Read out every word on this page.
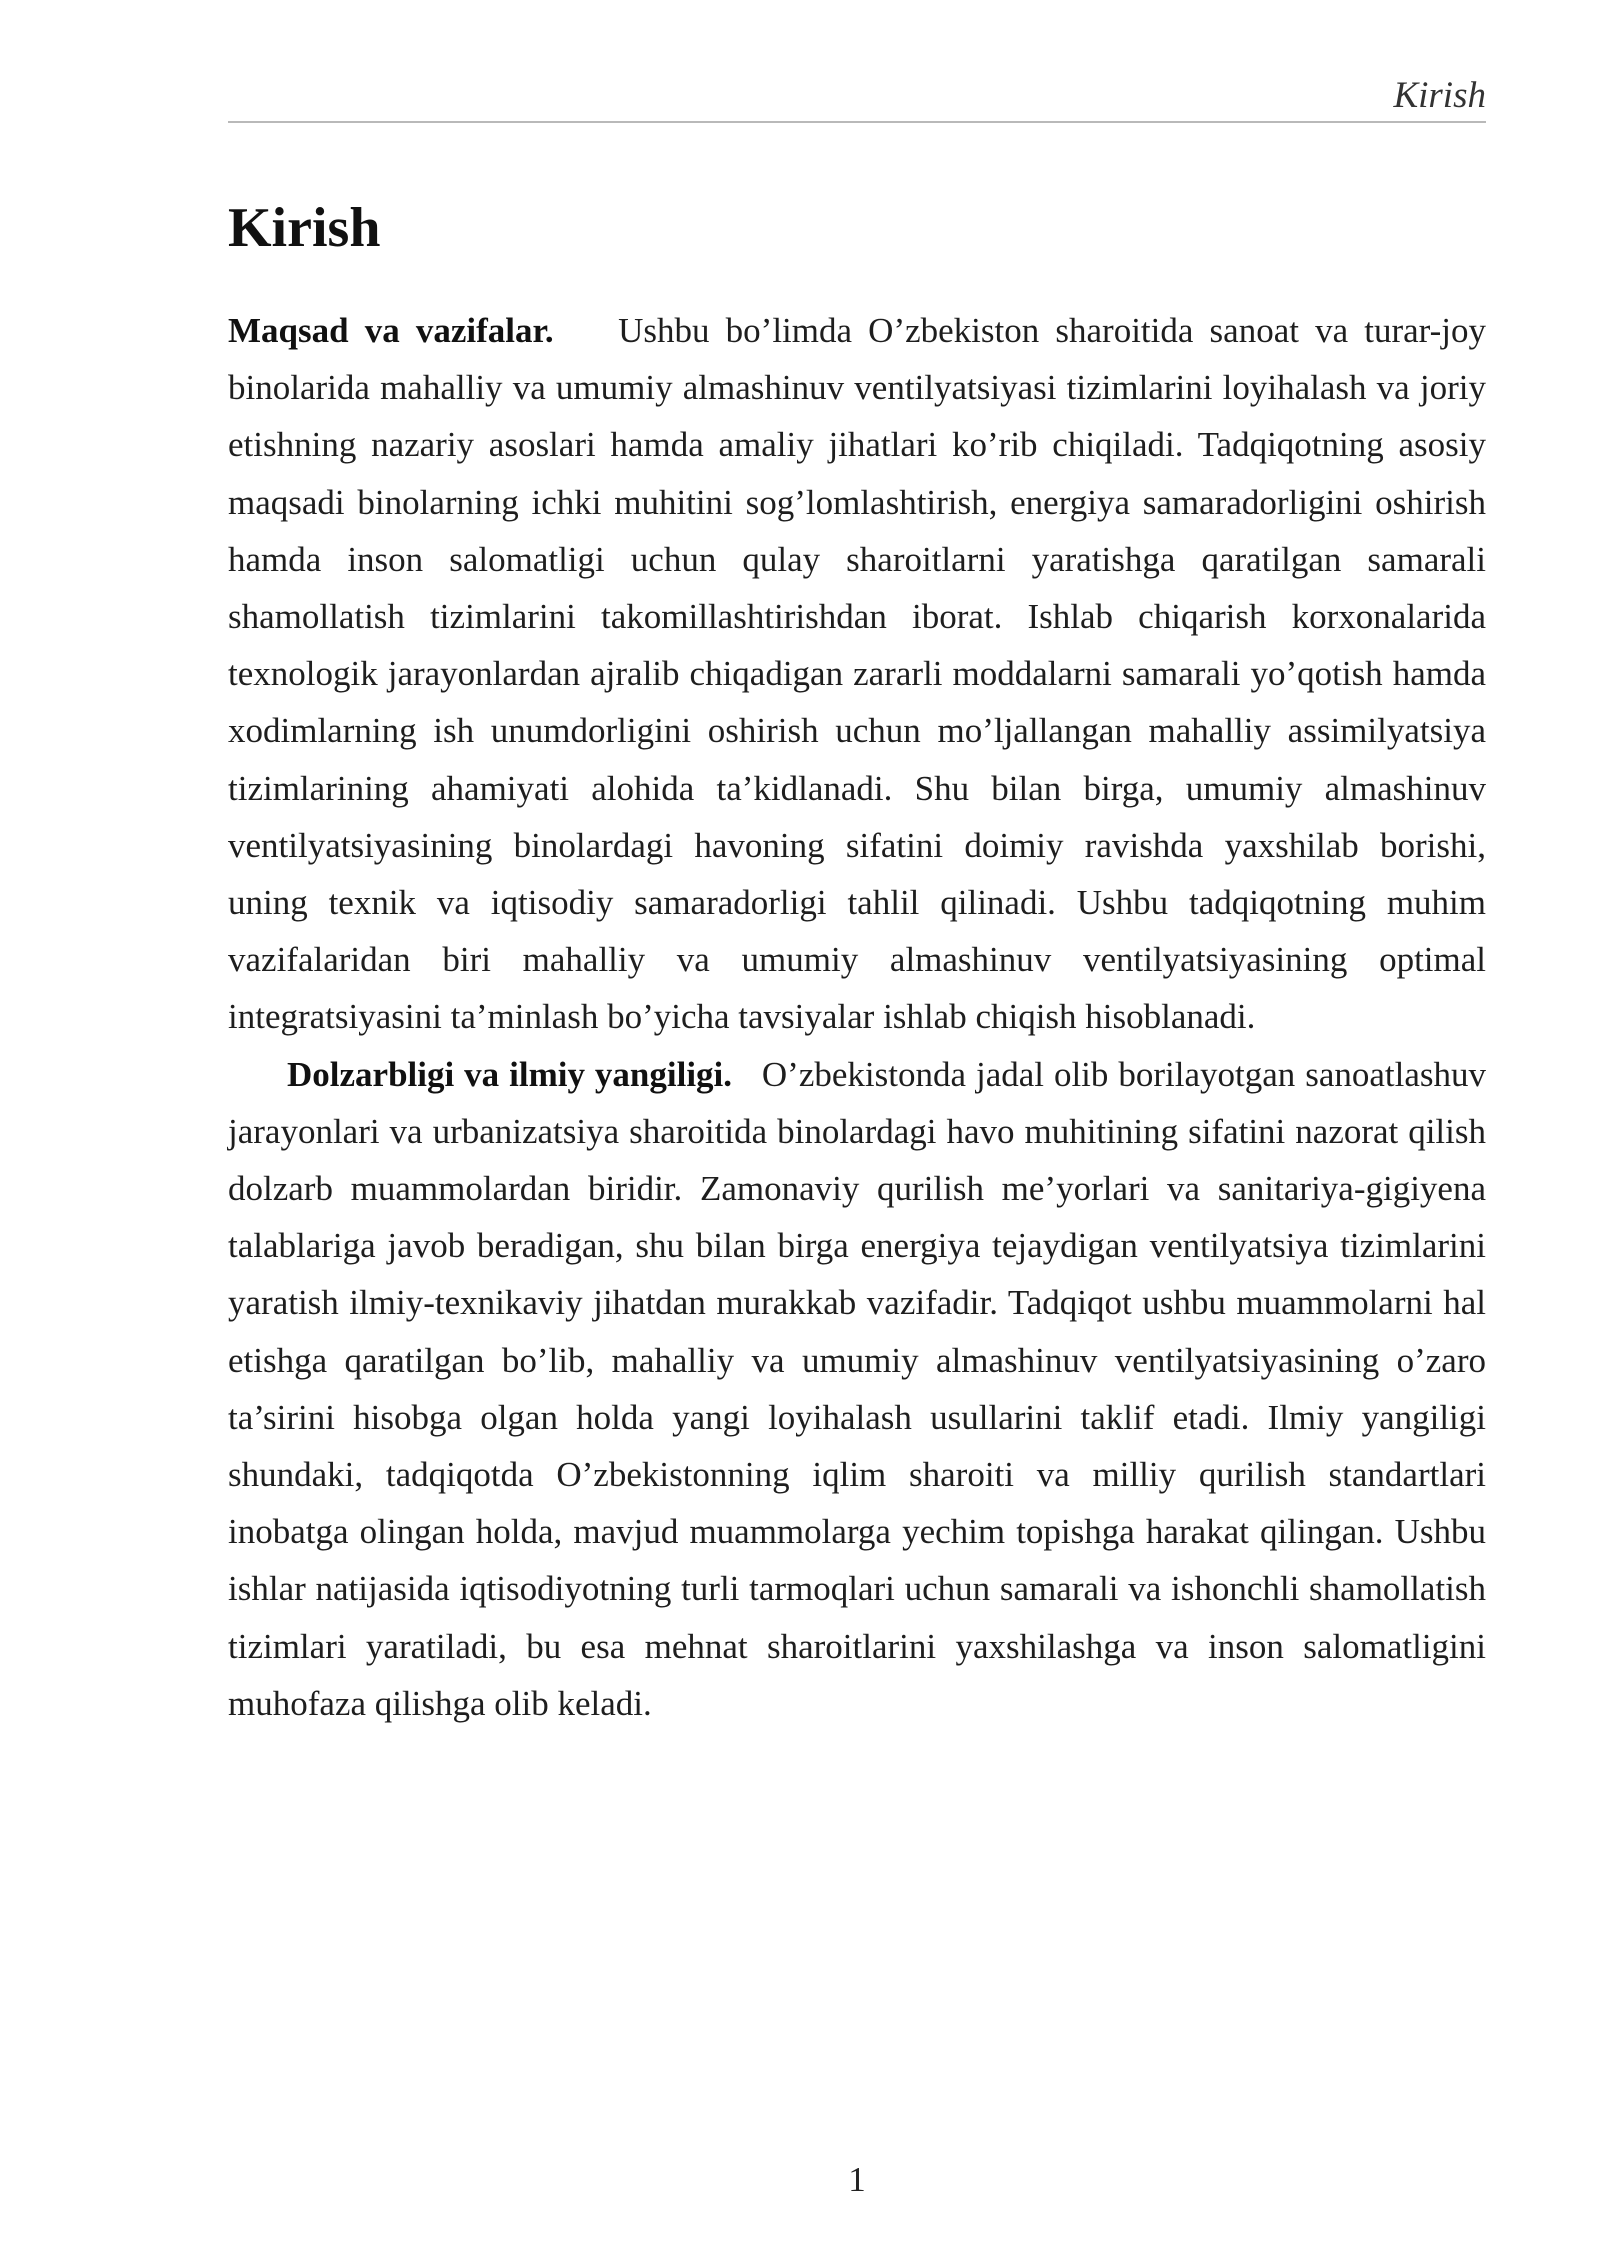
Kirish
Kirish

Maqsad va vazifalar. Ushbu bo’limda O’zbekiston sharoitida sanoat va turar-joy binolarida mahalliy va umumiy almashinuv ventilyatsiyasi tizimlarini loyihalash va joriy etishning nazariy asoslari hamda amaliy jihatlari ko’rib chiqiladi. Tadqiqotning asosiy maqsadi binolarning ichki muhitini sog’lomlashtirish, energiya samaradorligini oshirish hamda inson salomatligi uchun qulay sharoitlarni yaratishga qaratilgan samarali shamollatish tizimlarini takomillashtirishdan iborat. Ishlab chiqarish korxonalarida texnologik jarayonlardan ajralib chiqadigan zararli moddalarni samarali yo’qotish hamda xodimlarning ish unumdorligini oshirish uchun mo’ljallangan mahalliy assimilyatsiya tizimlarining ahamiyati alohida ta’kidlanadi. Shu bilan birga, umumiy almashinuv ventilyatsiyasining binolardagi havoning sifatini doimiy ravishda yaxshilab borishi, uning texnik va iqtisodiy samaradorligi tahlil qilinadi. Ushbu tadqiqotning muhim vazifalaridan biri mahalliy va umumiy almashinuv ventilyatsiyasining optimal integratsiyasini ta’minlash bo’yicha tavsiyalar ishlab chiqish hisoblanadi.

Dolzarbligi va ilmiy yangiligi. O’zbekistonda jadal olib borilayotgan sanoatlashuv jarayonlari va urbanizatsiya sharoitida binolardagi havo muhitining sifatini nazorat qilish dolzarb muammolardan biridir. Zamonaviy qurilish me’yorlari va sanitariya-gigiyena talablariga javob beradigan, shu bilan birga energiya tejaydigan ventilyatsiya tizimlarini yaratish ilmiy-texnikaviy jihatdan murakkab vazifadir. Tadqiqot ushbu muammolarni hal etishga qaratilgan bo’lib, mahalliy va umumiy almashinuv ventilyatsiyasining o’zaro ta’sirini hisobga olgan holda yangi loyihalash usullarini taklif etadi. Ilmiy yangiligi shundaki, tadqiqotda O’zbekistonning iqlim sharoiti va milliy qurilish standartlari inobatga olingan holda, mavjud muammolarga yechim topishga harakat qilingan. Ushbu ishlar natijasida iqtisodiyotning turli tarmoqlari uchun samarali va ishonchli shamollatish tizimlari yaratiladi, bu esa mehnat sharoitlarini yaxshilashga va inson salomatligini muhofaza qilishga olib keladi.

1
